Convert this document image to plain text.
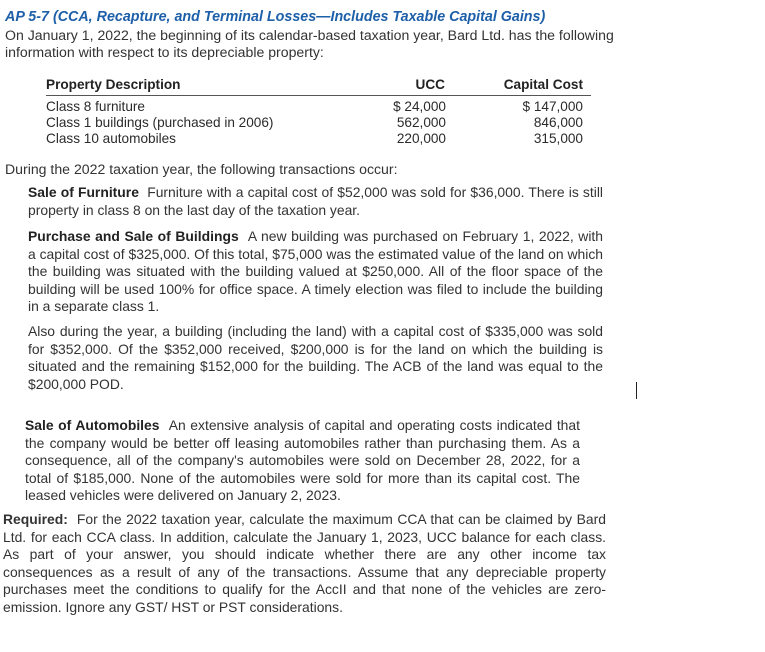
AP 5-7 (CCA, Recapture, and Terminal Losses—Includes Taxable Capital Gains)
On January 1, 2022, the beginning of its calendar-based taxation year, Bard Ltd. has the following information with respect to its depreciable property:
Property Description	UCC	Capital Cost
Class 8 furniture	$ 24,000	$ 147,000
Class 1 buildings (purchased in 2006)	562,000	846,000
Class 10 automobiles	220,000	315,000
During the 2022 taxation year, the following transactions occur:
Sale of Furniture Furniture with a capital cost of $52,000 was sold for $36,000. There is still property in class 8 on the last day of the taxation year.
Purchase and Sale of Buildings A new building was purchased on February 1, 2022, with a capital cost of $325,000. Of this total, $75,000 was the estimated value of the land on which the building was situated with the building valued at $250,000. All of the floor space of the building will be used 100% for office space. A timely election was filed to include the building in a separate class 1.
Also during the year, a building (including the land) with a capital cost of $335,000 was sold for $352,000. Of the $352,000 received, $200,000 is for the land on which the building is situated and the remaining $152,000 for the building. The ACB of the land was equal to the $200,000 POD.
Sale of Automobiles An extensive analysis of capital and operating costs indicated that the company would be better off leasing automobiles rather than purchasing them. As a consequence, all of the company's automobiles were sold on December 28, 2022, for a total of $185,000. None of the automobiles were sold for more than its capital cost. The leased vehicles were delivered on January 2, 2023.
Required: For the 2022 taxation year, calculate the maximum CCA that can be claimed by Bard Ltd. for each CCA class. In addition, calculate the January 1, 2023, UCC balance for each class. As part of your answer, you should indicate whether there are any other income tax consequences as a result of any of the transactions. Assume that any depreciable property purchases meet the conditions to qualify for the AccII and that none of the vehicles are zero-emission. Ignore any GST/ HST or PST considerations.
